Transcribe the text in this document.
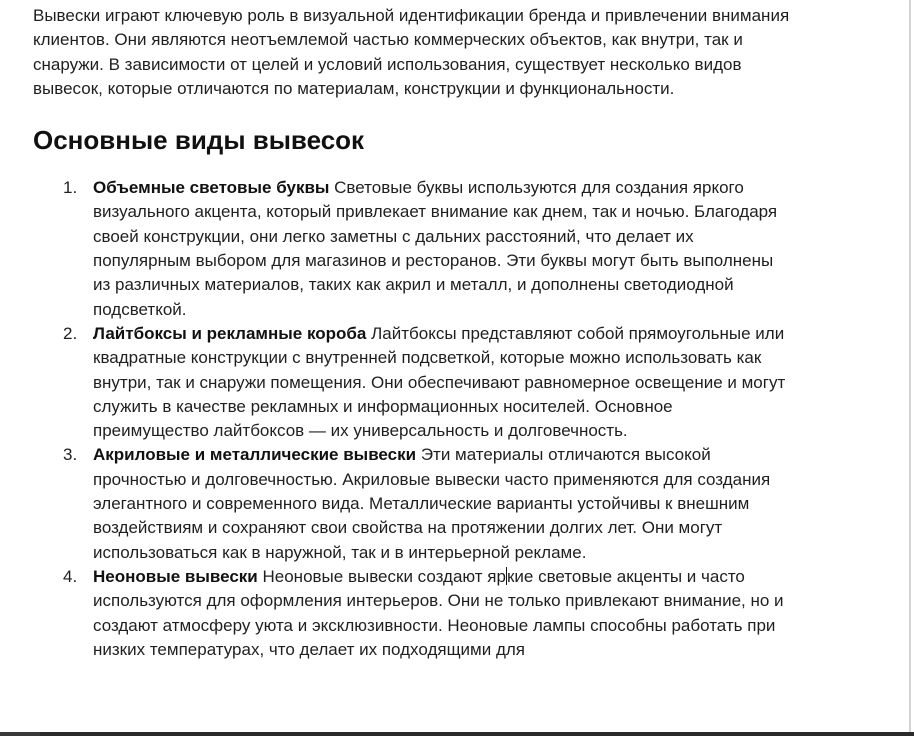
Вывески играют ключевую роль в визуальной идентификации бренда и привлечении внимания клиентов. Они являются неотъемлемой частью коммерческих объектов, как внутри, так и снаружи. В зависимости от целей и условий использования, существует несколько видов вывесок, которые отличаются по материалам, конструкции и функциональности.

Основные виды вывесок
1. Объемные световые буквы Световые буквы используются для создания яркого визуального акцента, который привлекает внимание как днем, так и ночью. Благодаря своей конструкции, они легко заметны с дальних расстояний, что делает их популярным выбором для магазинов и ресторанов. Эти буквы могут быть выполнены из различных материалов, таких как акрил и металл, и дополнены светодиодной подсветкой.
2. Лайтбоксы и рекламные короба Лайтбоксы представляют собой прямоугольные или квадратные конструкции с внутренней подсветкой, которые можно использовать как внутри, так и снаружи помещения. Они обеспечивают равномерное освещение и могут служить в качестве рекламных и информационных носителей. Основное преимущество лайтбоксов — их универсальность и долговечность.
3. Акриловые и металлические вывески Эти материалы отличаются высокой прочностью и долговечностью. Акриловые вывески часто применяются для создания элегантного и современного вида. Металлические варианты устойчивы к внешним воздействиям и сохраняют свои свойства на протяжении долгих лет. Они могут использоваться как в наружной, так и в интерьерной рекламе.
4. Неоновые вывески Неоновые вывески создают яркие световые акценты и часто используются для оформления интерьеров. Они не только привлекают внимание, но и создают атмосферу уюта и эксклюзивности. Неоновые лампы способны работать при низких температурах, что делает их подходящими для
